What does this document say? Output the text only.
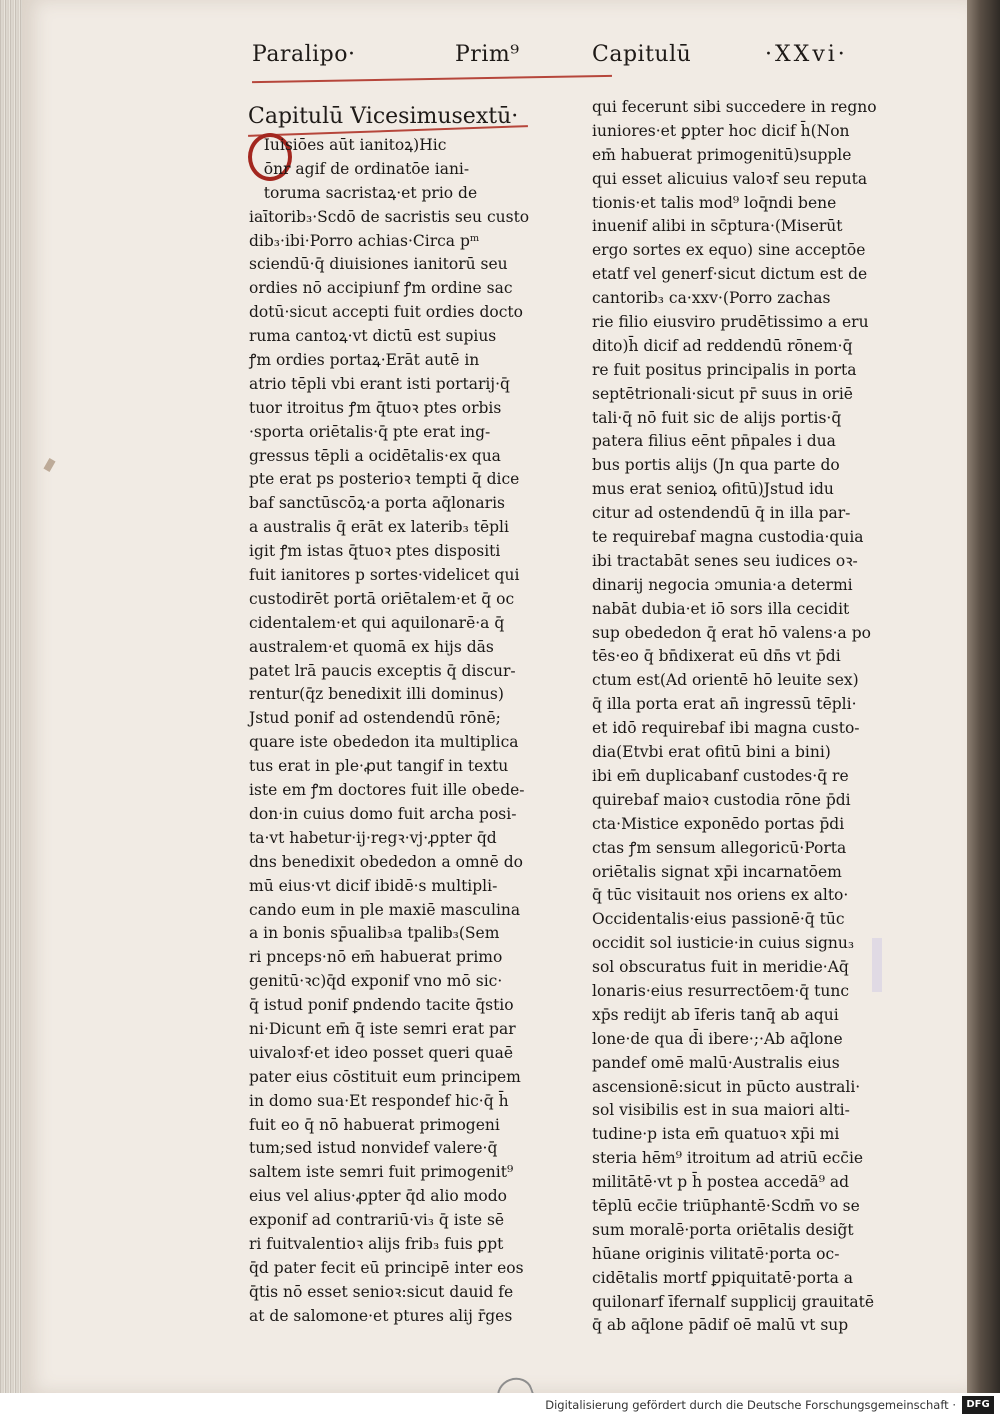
Paralipo·	Prim⁹	Capitulū	·XXvi·
Capitulū Vicesimusextū·
Iuisiōes aūt ianitoꝝ)Hic
ōnr agif de ordinatōe iani-
toruma sacristaꝝ·et prio de
iaītorib₃·Scdō de sacristis seu custo
dib₃·ibi·Porro achias·Circa pᵐ
sciendū·q̄ diuisiones ianitorū seu
ordies nō accipiunf ꝭm ordine sac
dotū·sicut accepti fuit ordies docto
ruma cantoꝝ·vt dictū est supius
ꝭm ordies portaꝝ·Erāt autē in
atrio tēpli vbi erant isti portarij·q̄
tuor itroitus ꝭm q̄tuoꝛ ptes orbis
·sporta oriētalis·q̄ pte erat ing-
gressus tēpli a ocidētalis·ex qua
pte erat ps posterioꝛ tempti q̄ dice
baf sanctūscōꝝ·a porta aq̄lonaris
a australis q̄ erāt ex laterib₃ tēpli
igit ꝭm istas q̄tuoꝛ ptes dispositi
fuit ianitores p sortes·videlicet qui
custodirēt portā oriētalem·et q̄ oc
cidentalem·et qui aquilonarē·a q̄
australem·et quomā ex hijs dās
patet lrā paucis exceptis q̄ discur-
rentur(q̄z benedixit illi dominus)
Jstud ponif ad ostendendū rōnē;
quare iste obededon ita multiplica
tus erat in ple·ꝓut tangif in textu
iste em ꝭm doctores fuit ille obede-
don·in cuius domo fuit archa posi-
ta·vt habetur·ij·regꝛ·vj·ꝓpter q̄d
dns benedixit obededon a omnē do
mū eius·vt dicif ibidē·s multipli-
cando eum in ple maxiē masculina
a in bonis sp̄ualib₃a tpalib₃(Sem
ri pnceps·nō em̄ habuerat primo
genitū·ꝛc)q̄d exponif vno mō sic·
q̄ istud ponif ꝑndendo tacite q̄stio
ni·Dicunt em̄ q̄ iste semri erat par
uivaloꝛf·et ideo posset queri quaē
pater eius cōstituit eum principem
in domo sua·Et respondef hic·q̄ h̄
fuit eo q̄ nō habuerat primogeni
tum;sed istud nonvidef valere·q̄
saltem iste semri fuit primogenit⁹
eius vel alius·ꝓpter q̄d alio modo
exponif ad contrariū·vi₃ q̄ iste sē
ri fuitvalentioꝛ alijs frib₃ fuis ꝑpt
q̄d pater fecit eū principē inter eos
q̄tis nō esset senioꝛ:sicut dauid fe
at de salomone·et ptures alij r̄ges
qui fecerunt sibi succedere in regno
iuniores·et ꝑpter hoc dicif h̄(Non
em̄ habuerat primogenitū)supple
qui esset alicuius valoꝛf seu reputa
tionis·et talis mod⁹ loq̄ndi bene
inuenif alibi in sc̄ptura·(Miserūt
ergo sortes ex equo) sine acceptōe
etatf vel generf·sicut dictum est de
cantorib₃ ca·xxv·(Porro zachas
rie filio eiusviro prudētissimo a eru
dito)h̄ dicif ad reddendū rōnem·q̄
re fuit positus principalis in porta
septētrionali·sicut pr̄ suus in oriē
tali·q̄ nō fuit sic de alijs portis·q̄
patera filius eēnt pn̄pales i dua
bus portis alijs (Jn qua parte do
mus erat senioꝝ ofitū)Jstud idu
citur ad ostendendū q̄ in illa par-
te requirebaf magna custodia·quia
ibi tractabāt senes seu iudices oꝛ-
dinarij negocia ɔmunia·a determi
nabāt dubia·et iō sors illa cecidit
sup obededon q̄ erat hō valens·a po
tēs·eo q̄ bn̄dixerat eū dn̄s vt p̄di
ctum est(Ad orientē hō leuite sex)
q̄ illa porta erat an̄ ingressū tēpli·
et idō requirebaf ibi magna custo-
dia(Etvbi erat ofitū bini a bini)
ibi em̄ duplicabanf custodes·q̄ re
quirebaf maioꝛ custodia rōne p̄di
cta·Mistice exponēdo portas p̄di
ctas ꝭm sensum allegoricū·Porta
oriētalis signat xp̄i incarnatōem
q̄ tūc visitauit nos oriens ex alto·
Occidentalis·eius passionē·q̄ tūc
occidit sol iusticie·in cuius signu₃
sol obscuratus fuit in meridie·Aq̄
lonaris·eius resurrectōem·q̄ tunc
xp̄s redijt ab īferis tanq̄ ab aqui
lone·de qua d̄i ibere·;·Ab aq̄lone
pandef omē malū·Australis eius
ascensionē:sicut in pūcto australi·
sol visibilis est in sua maiori alti-
tudine·p ista em̄ quatuoꝛ xp̄i mi
steria hēm⁹ itroitum ad atriū ecc̄ie
militātē·vt p h̄ postea accedā⁹ ad
tēplū ecc̄ie triūphantē·Scdm̄ vo se
sum moralē·porta oriētalis desig̃t
hūane originis vilitatē·porta oc-
cidētalis mortf ꝑpiquitatē·porta a
quilonarf īfernalf supplicij grauitatē
q̄ ab aq̄lone pādif oē malū vt sup
Digitalisierung gefördert durch die Deutsche Forschungsgemeinschaft ·	DFG
